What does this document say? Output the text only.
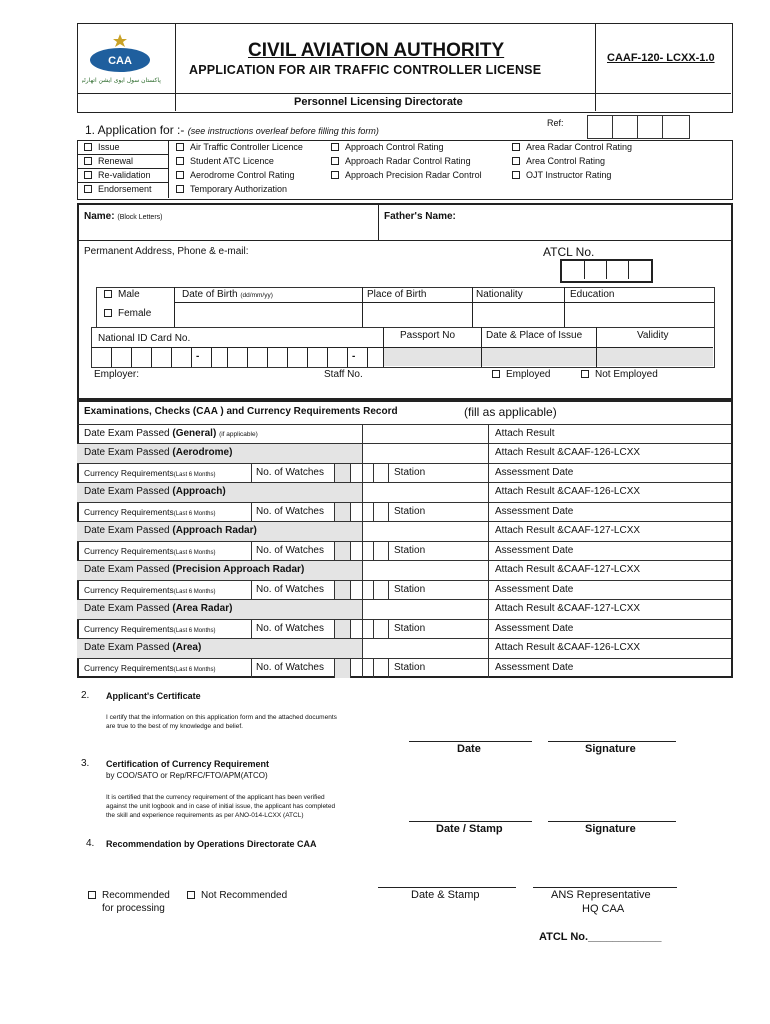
CAA
پاکستان سول ایوی ایشن اتھارٹی
CIVIL AVIATION AUTHORITY
APPLICATION FOR AIR TRAFFIC CONTROLLER LICENSE
CAAF-120- LCXX-1.0
Personnel Licensing Directorate
1. Application for :- (see instructions overleaf before filling this form)
Ref:
Issue
Renewal
Re-validation
Endorsement
Air Traffic Controller Licence
Student ATC Licence
Aerodrome Control Rating
Temporary Authorization
Approach Control Rating
Approach Radar Control Rating
Approach Precision Radar Control
Area Radar Control Rating
Area Control Rating
OJT Instructor Rating
Name: (Block Letters)	Father's Name:
Permanent Address, Phone & e-mail:	ATCL No.
Male
Female
Date of Birth (dd/mm/yy)	Place of Birth	Nationality	Education
National ID Card No.	Passport No	Date & Place of Issue	Validity
-	-
Employer:	Staff No.	Employed	Not Employed
Examinations, Checks (CAA ) and Currency Requirements Record	(fill as applicable)
Date Exam Passed (General) (if applicable)	Attach Result
Date Exam Passed (Aerodrome)	Attach Result &CAAF-126-LCXX
Currency Requirements(Last 6 Months)	No. of Watches	Station	Assessment Date
Date Exam Passed (Approach)	Attach Result &CAAF-126-LCXX
Currency Requirements(Last 6 Months)	No. of Watches	Station	Assessment Date
Date Exam Passed (Approach Radar)	Attach Result &CAAF-127-LCXX
Currency Requirements(Last 6 Months)	No. of Watches	Station	Assessment Date
Date Exam Passed (Precision Approach Radar)	Attach Result &CAAF-127-LCXX
Currency Requirements(Last 6 Months)	No. of Watches	Station	Assessment Date
Date Exam Passed (Area Radar)	Attach Result &CAAF-127-LCXX
Currency Requirements(Last 6 Months)	No. of Watches	Station	Assessment Date
Date Exam Passed (Area)	Attach Result &CAAF-126-LCXX
Currency Requirements(Last 6 Months)	No. of Watches	Station	Assessment Date
2. Applicant's Certificate
I certify that the information on this application form and the attached documents
are true to the best of my knowledge and belief.
Date	Signature
3. Certification of Currency Requirement
by COO/SATO or Rep/RFC/FTO/APM(ATCO)
It is certified that the currency requirement of the applicant has been verified
against the unit logbook and in case of initial issue, the applicant has completed
the skill and experience requirements as per ANO-014-LCXX (ATCL)
Date / Stamp	Signature
4. Recommendation by Operations Directorate CAA
Recommended
for processing
Not Recommended	Date & Stamp	ANS Representative
HQ CAA
ATCL No.____________
